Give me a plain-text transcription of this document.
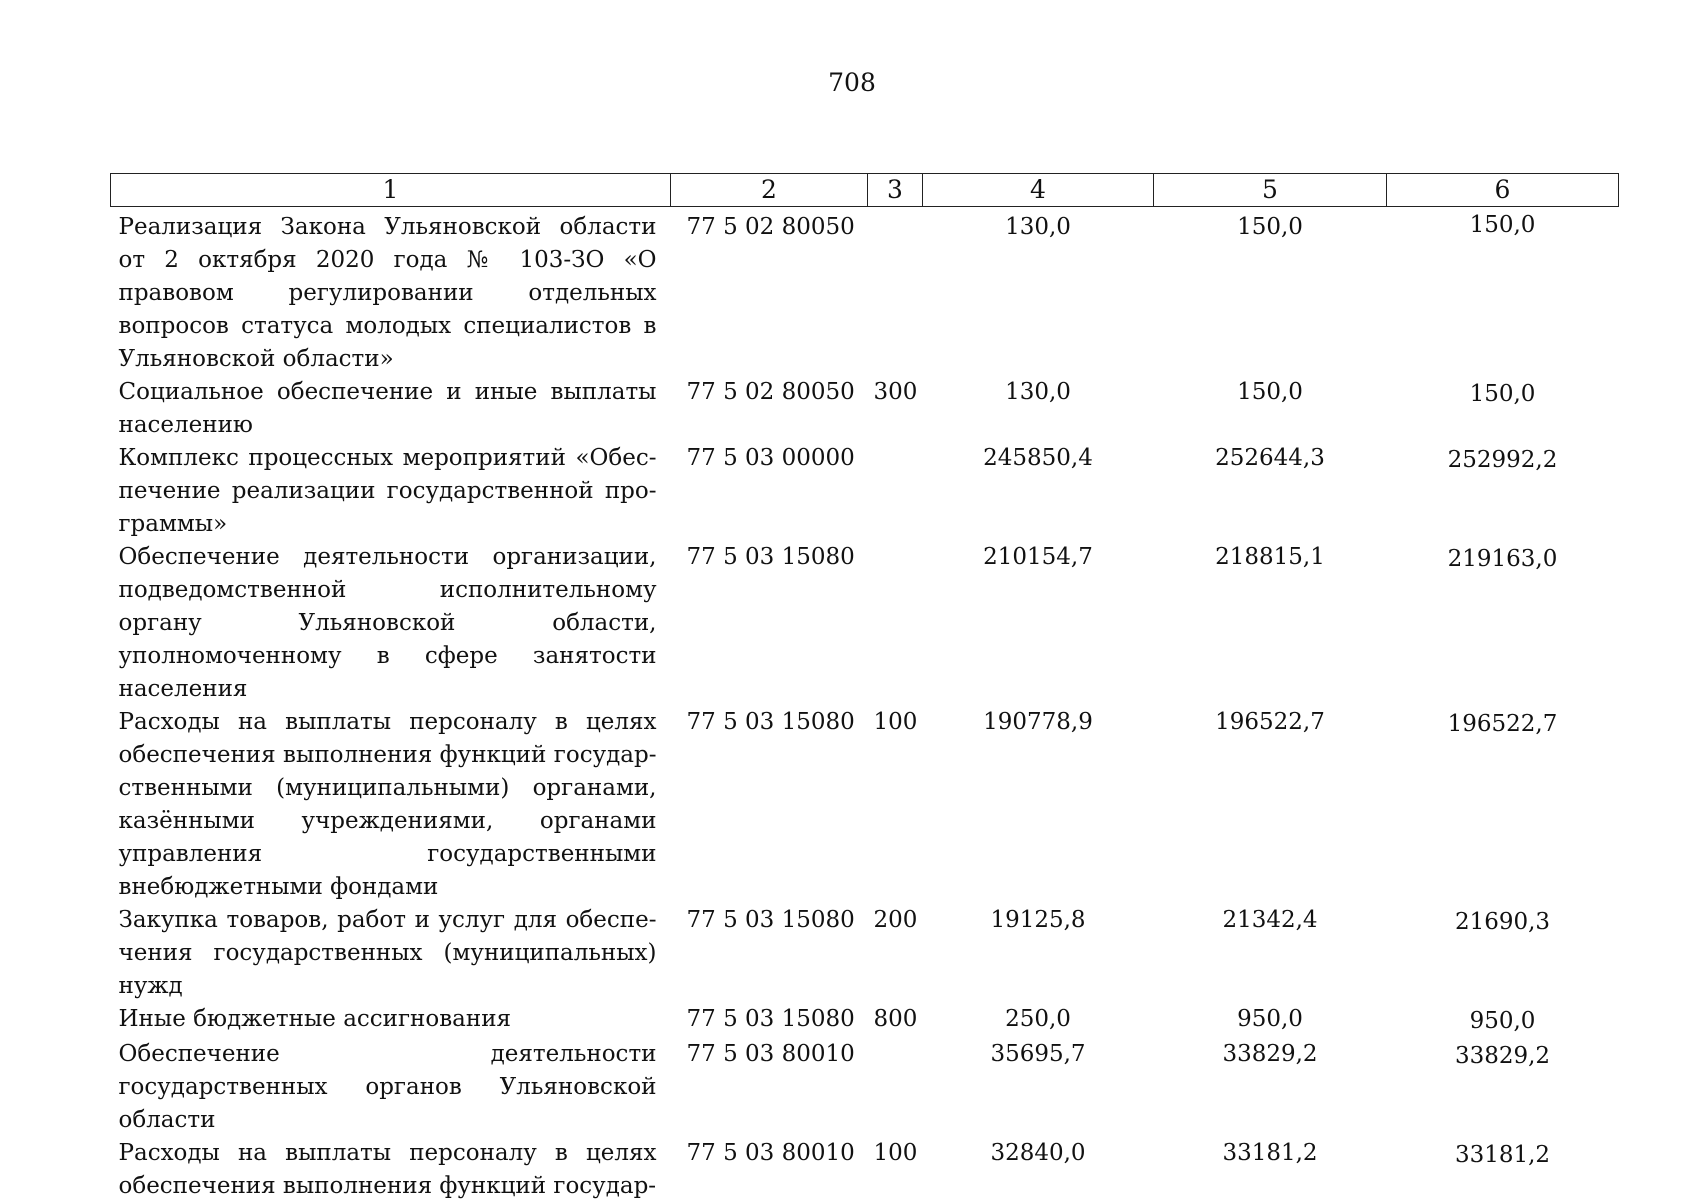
708
1	2	3	4	5	6
Реализация Закона Ульяновской области от 2 октября 2020 года № 103-ЗО «О правовом регулировании отдельных вопросов статуса молодых специалистов в Ульяновской области»	77 5 02 80050		130,0	150,0	150,0
Социальное обеспечение и иные выплаты населению	77 5 02 80050	300	130,0	150,0	150,0
Комплекс процессных мероприятий «Обеспечение реализации государственной программы»	77 5 03 00000		245850,4	252644,3	252992,2
Обеспечение деятельности организации, подведомственной исполнительному органу Ульяновской области, уполномоченному в сфере занятости населения	77 5 03 15080		210154,7	218815,1	219163,0
Расходы на выплаты персоналу в целях обеспечения выполнения функций государственными (муниципальными) органами, казёнными учреждениями, органами управления государственными внебюджетными фондами	77 5 03 15080	100	190778,9	196522,7	196522,7
Закупка товаров, работ и услуг для обеспечения государственных (муниципальных) нужд	77 5 03 15080	200	19125,8	21342,4	21690,3
Иные бюджетные ассигнования	77 5 03 15080	800	250,0	950,0	950,0
Обеспечение деятельности государственных органов Ульяновской области	77 5 03 80010		35695,7	33829,2	33829,2
Расходы на выплаты персоналу в целях обеспечения выполнения функций государ-	77 5 03 80010	100	32840,0	33181,2	33181,2
